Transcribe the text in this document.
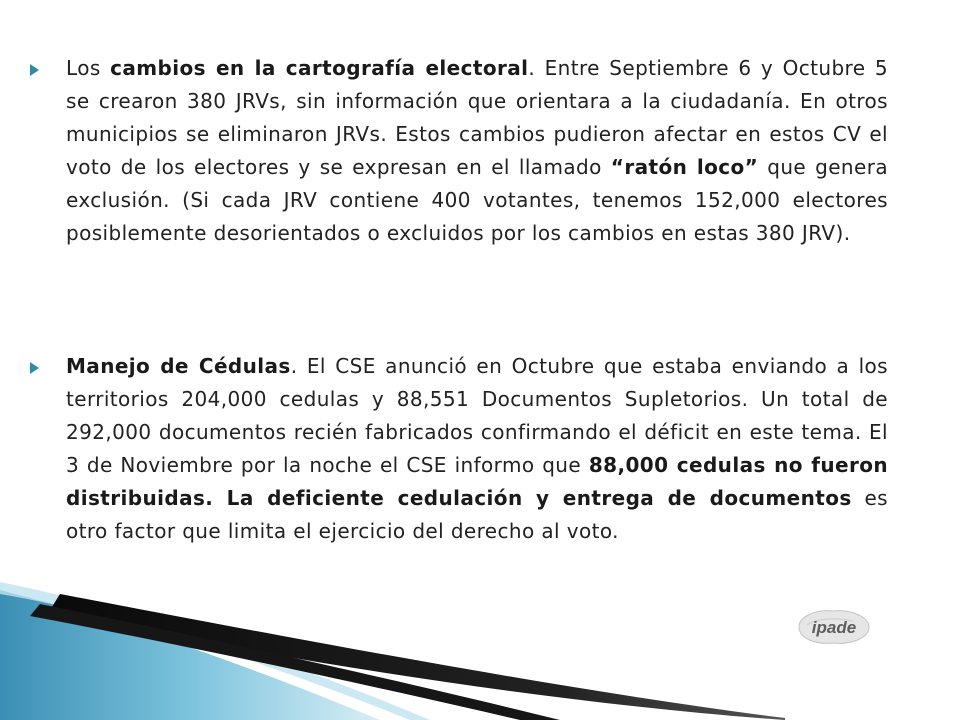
Los cambios en la cartografía electoral. Entre Septiembre 6 y Octubre 5 se crearon 380 JRVs, sin información que orientara a la ciudadanía. En otros municipios se eliminaron JRVs. Estos cambios pudieron afectar en estos CV el voto de los electores y se expresan en el llamado “ratón loco” que genera exclusión. (Si cada JRV contiene 400 votantes, tenemos 152,000 electores posiblemente desorientados o excluidos por los cambios en estas 380 JRV).
Manejo de Cédulas. El CSE anunció en Octubre que estaba enviando a los territorios 204,000 cedulas y 88,551 Documentos Supletorios. Un total de 292,000 documentos recién fabricados confirmando el déficit en este tema. El 3 de Noviembre por la noche el CSE informo que 88,000 cedulas no fueron distribuidas. La deficiente cedulación y entrega de documentos es otro factor que limita el ejercicio del derecho al voto.
ipade
